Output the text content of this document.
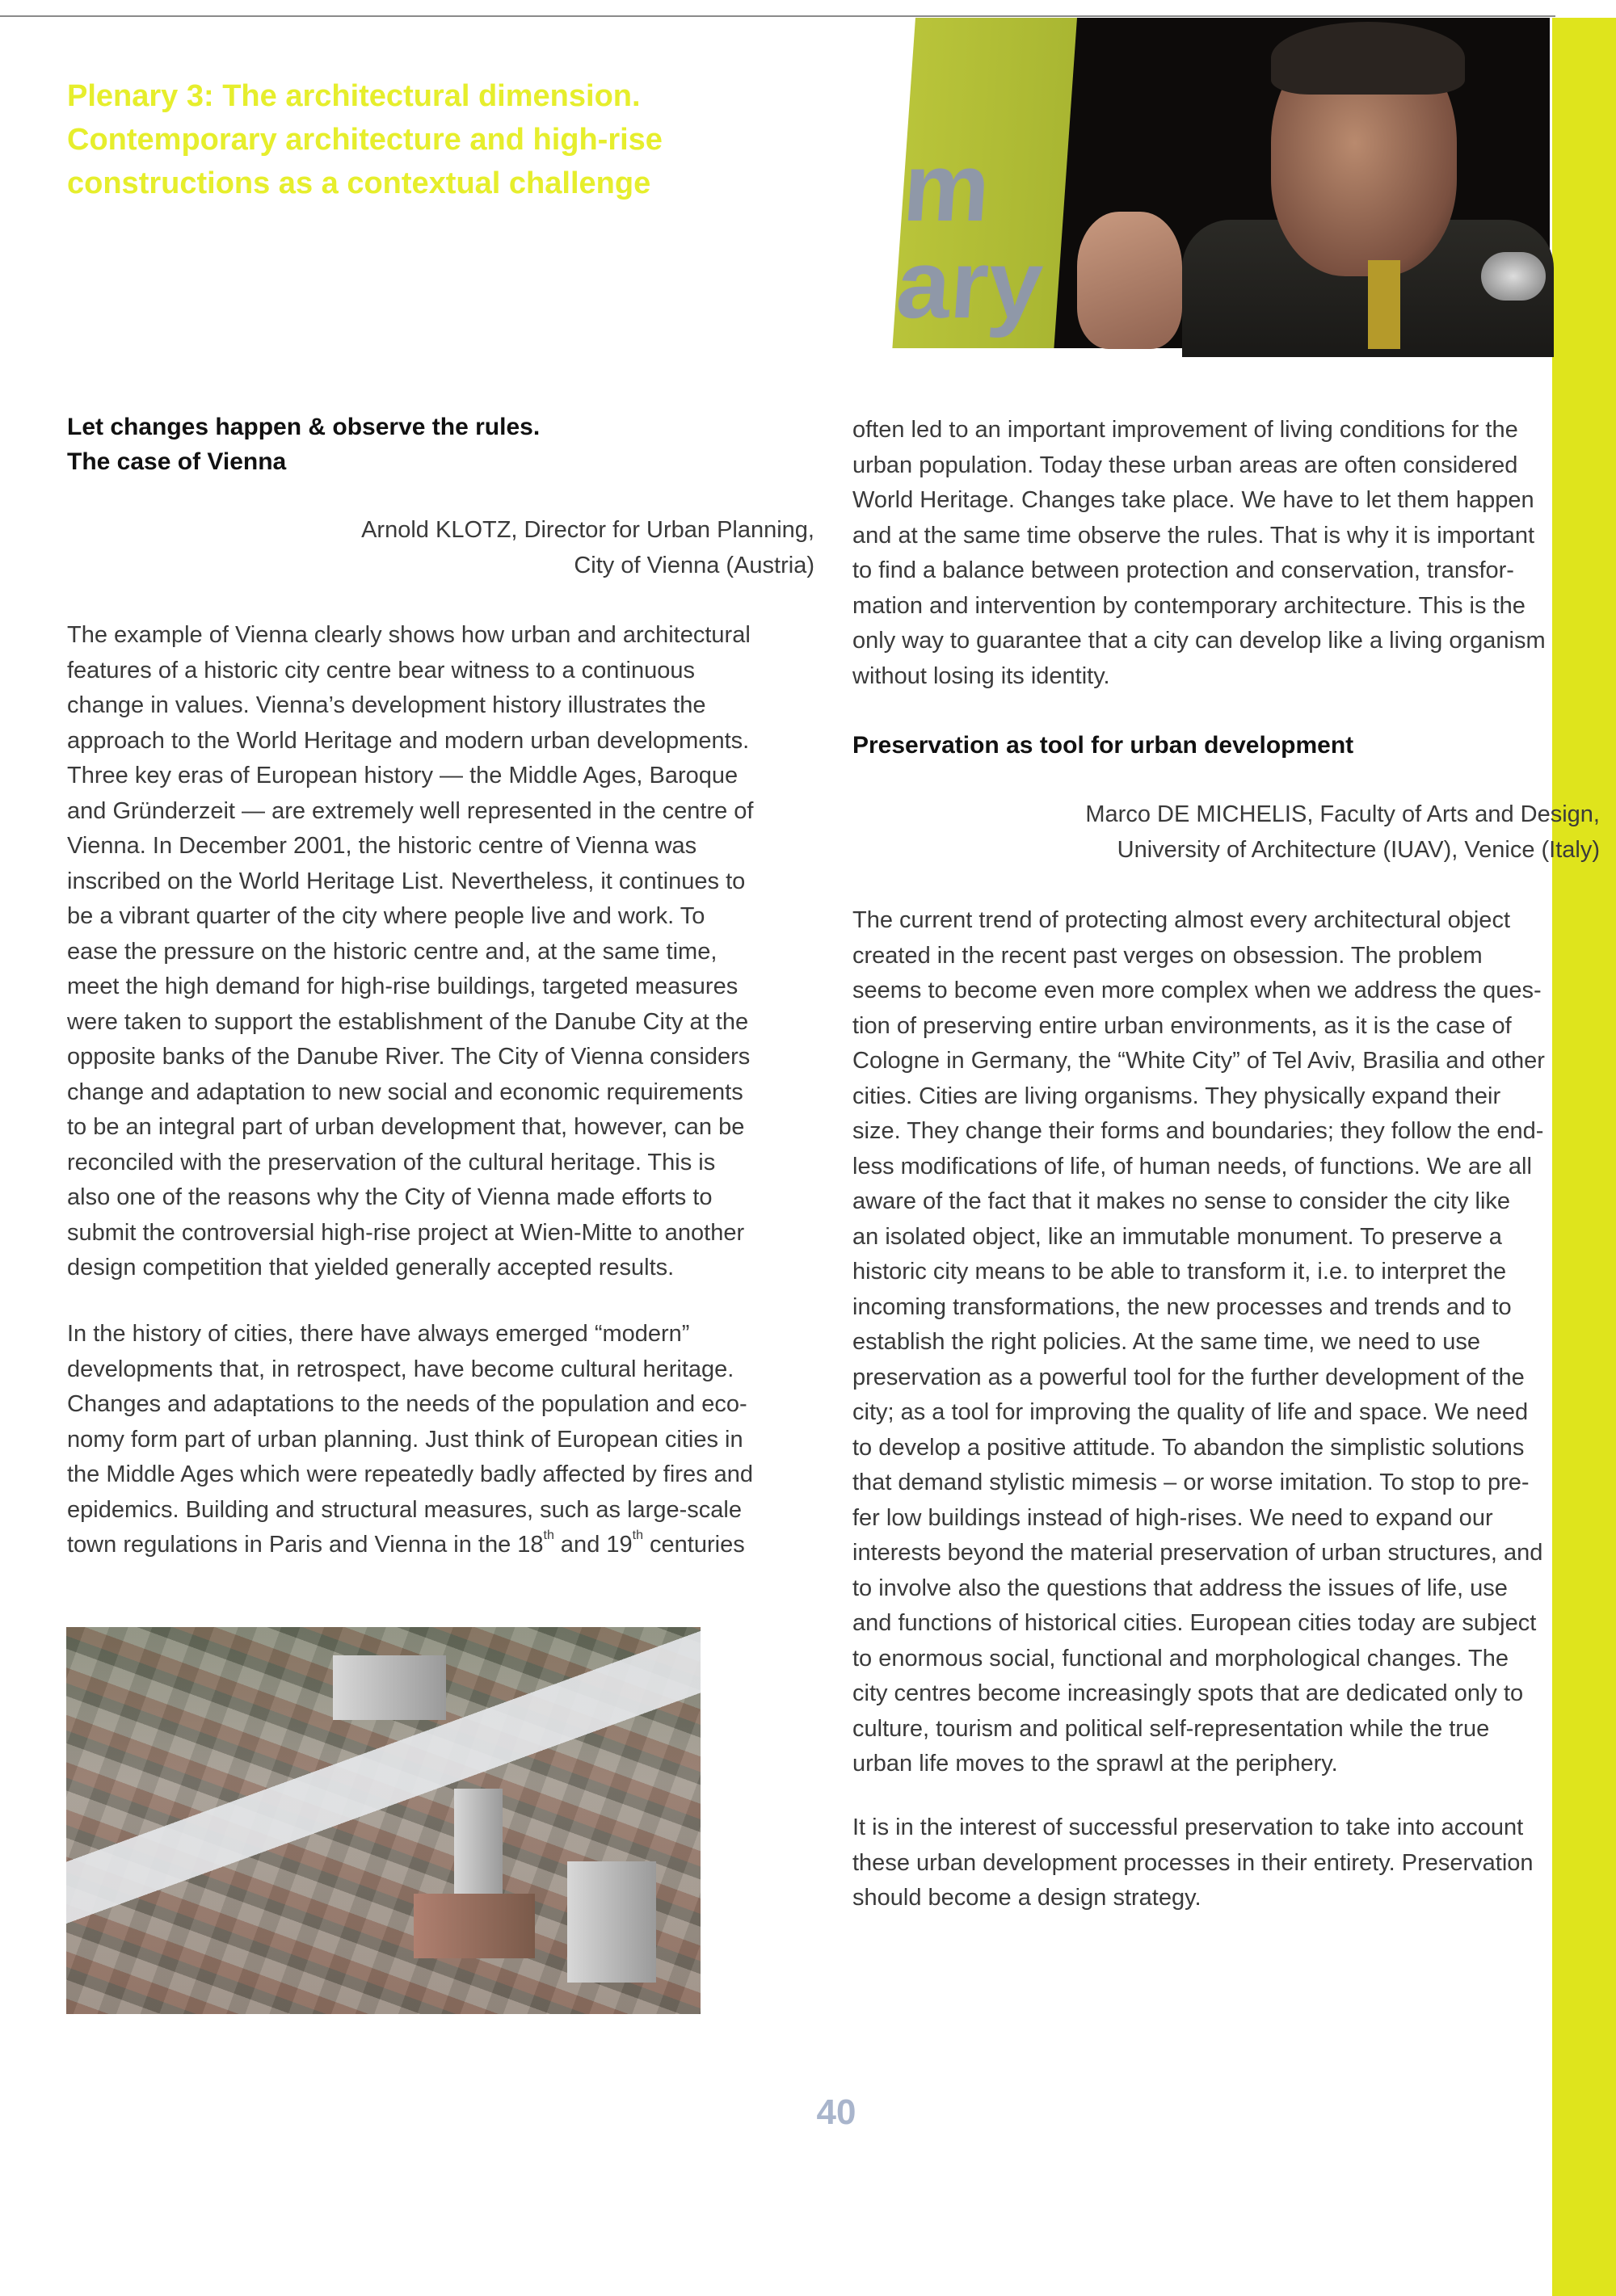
Plenary 3: The architectural dimension.
Contemporary architecture and high-rise
constructions as a contextual challenge	m
ary
Let changes happen & observe the rules.
The case of Vienna
Arnold KLOTZ, Director for Urban Planning,
City of Vienna (Austria)
The example of Vienna clearly shows how urban and architectural
features of a historic city centre bear witness to a continuous
change in values. Vienna’s development history illustrates the
approach to the World Heritage and modern urban developments.
Three key eras of European history — the Middle Ages, Baroque
and Gründerzeit — are extremely well represented in the centre of
Vienna. In December 2001, the historic centre of Vienna was
inscribed on the World Heritage List. Nevertheless, it continues to
be a vibrant quarter of the city where people live and work. To
ease the pressure on the historic centre and, at the same time,
meet the high demand for high-rise buildings, targeted measures
were taken to support the establishment of the Danube City at the
opposite banks of the Danube River. The City of Vienna considers
change and adaptation to new social and economic requirements
to be an integral part of urban development that, however, can be
reconciled with the preservation of the cultural heritage. This is
also one of the reasons why the City of Vienna made efforts to
submit the controversial high-rise project at Wien-Mitte to another
design competition that yielded generally accepted results.
In the history of cities, there have always emerged “modern”
developments that, in retrospect, have become cultural heritage.
Changes and adaptations to the needs of the population and eco-
nomy form part of urban planning. Just think of European cities in
the Middle Ages which were repeatedly badly affected by fires and
epidemics. Building and structural measures, such as large-scale
town regulations in Paris and Vienna in the 18th and 19th centuries
often led to an important improvement of living conditions for the
urban population. Today these urban areas are often considered
World Heritage. Changes take place. We have to let them happen
and at the same time observe the rules. That is why it is important
to find a balance between protection and conservation, transfor-
mation and intervention by contemporary architecture. This is the
only way to guarantee that a city can develop like a living organism
without losing its identity.
Preservation as tool for urban development
Marco DE MICHELIS, Faculty of Arts and Design,
University of Architecture (IUAV), Venice (Italy)
The current trend of protecting almost every architectural object
created in the recent past verges on obsession. The problem
seems to become even more complex when we address the ques-
tion of preserving entire urban environments, as it is the case of
Cologne in Germany, the “White City” of Tel Aviv, Brasilia and other
cities. Cities are living organisms. They physically expand their
size. They change their forms and boundaries; they follow the end-
less modifications of life, of human needs, of functions. We are all
aware of the fact that it makes no sense to consider the city like
an isolated object, like an immutable monument. To preserve a
historic city means to be able to transform it, i.e. to interpret the
incoming transformations, the new processes and trends and to
establish the right policies. At the same time, we need to use
preservation as a powerful tool for the further development of the
city; as a tool for improving the quality of life and space. We need
to develop a positive attitude. To abandon the simplistic solutions
that demand stylistic mimesis – or worse imitation. To stop to pre-
fer low buildings instead of high-rises. We need to expand our
interests beyond the material preservation of urban structures, and
to involve also the questions that address the issues of life, use
and functions of historical cities. European cities today are subject
to enormous social, functional and morphological changes. The
city centres become increasingly spots that are dedicated only to
culture, tourism and political self-representation while the true
urban life moves to the sprawl at the periphery.
It is in the interest of successful preservation to take into account
these urban development processes in their entirety. Preservation
should become a design strategy.
40
